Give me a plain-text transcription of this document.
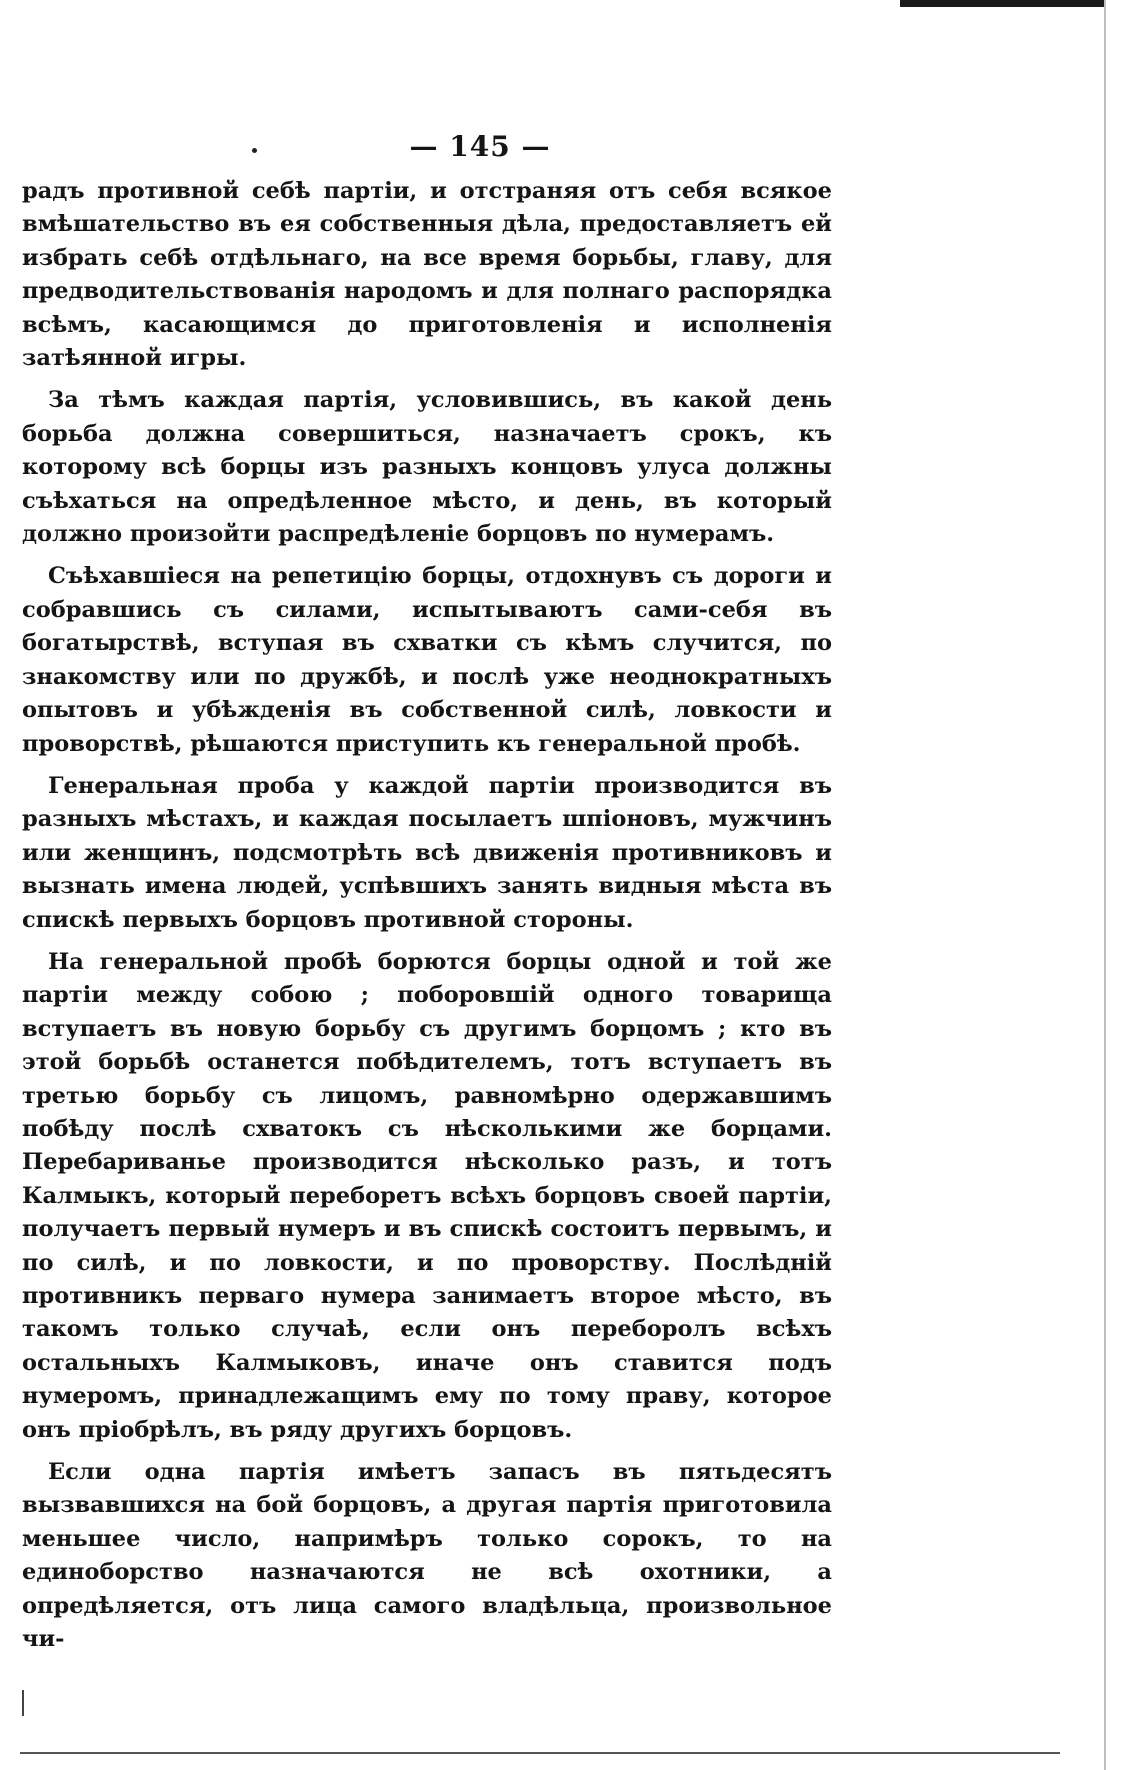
— 145 —

радъ противной себѣ партіи, и отстраняя отъ себя всякое вмѣшательство въ ея собственныя дѣла, предоставляетъ ей избрать себѣ отдѣльнаго, на все время борьбы, главу, для предводительствованія народомъ и для полнаго распорядка всѣмъ, касающимся до приготовленія и исполненія затѣянной игры.

За тѣмъ каждая партія, условившись, въ какой день борьба должна совершиться, назначаетъ срокъ, къ которому всѣ борцы изъ разныхъ концовъ улуса должны съѣхаться на опредѣленное мѣсто, и день, въ который должно произойти распредѣленіе борцовъ по нумерамъ.

Съѣхавшіеся на репетицію борцы, отдохнувъ съ дороги и собравшись съ силами, испытываютъ сами-себя въ богатырствѣ, вступая въ схватки съ кѣмъ случится, по знакомству или по дружбѣ, и послѣ уже неоднократныхъ опытовъ и убѣжденія въ собственной силѣ, ловкости и проворствѣ, рѣшаются приступить къ генеральной пробѣ.

Генеральная проба у каждой партіи производится въ разныхъ мѣстахъ, и каждая посылаетъ шпіоновъ, мужчинъ или женщинъ, подсмотрѣть всѣ движенія противниковъ и вызнать имена людей, успѣвшихъ занять видныя мѣста въ спискѣ первыхъ борцовъ противной стороны.

На генеральной пробѣ борются борцы одной и той же партіи между собою ; поборовшій одного товарища вступаетъ въ новую борьбу съ другимъ борцомъ ; кто въ этой борьбѣ останется побѣдителемъ, тотъ вступаетъ въ третью борьбу съ лицомъ, равномѣрно одержавшимъ побѣду послѣ схватокъ съ нѣсколькими же борцами. Перебариванье производится нѣсколько разъ, и тотъ Калмыкъ, который переборетъ всѣхъ борцовъ своей партіи, получаетъ первый нумеръ и въ спискѣ состоитъ первымъ, и по силѣ, и по ловкости, и по проворству. Послѣдній противникъ перваго нумера занимаетъ второе мѣсто, въ такомъ только случаѣ, если онъ переборолъ всѣхъ остальныхъ Калмыковъ, иначе онъ ставится подъ нумеромъ, принадлежащимъ ему по тому праву, которое онъ пріобрѣлъ, въ ряду другихъ борцовъ.

Если одна партія имѣетъ запасъ въ пятьдесятъ вызвавшихся на бой борцовъ, а другая партія приготовила меньшее число, напримѣръ только сорокъ, то на единоборство назначаются не всѣ охотники, а опредѣляется, отъ лица самого владѣльца, произвольное чи-
